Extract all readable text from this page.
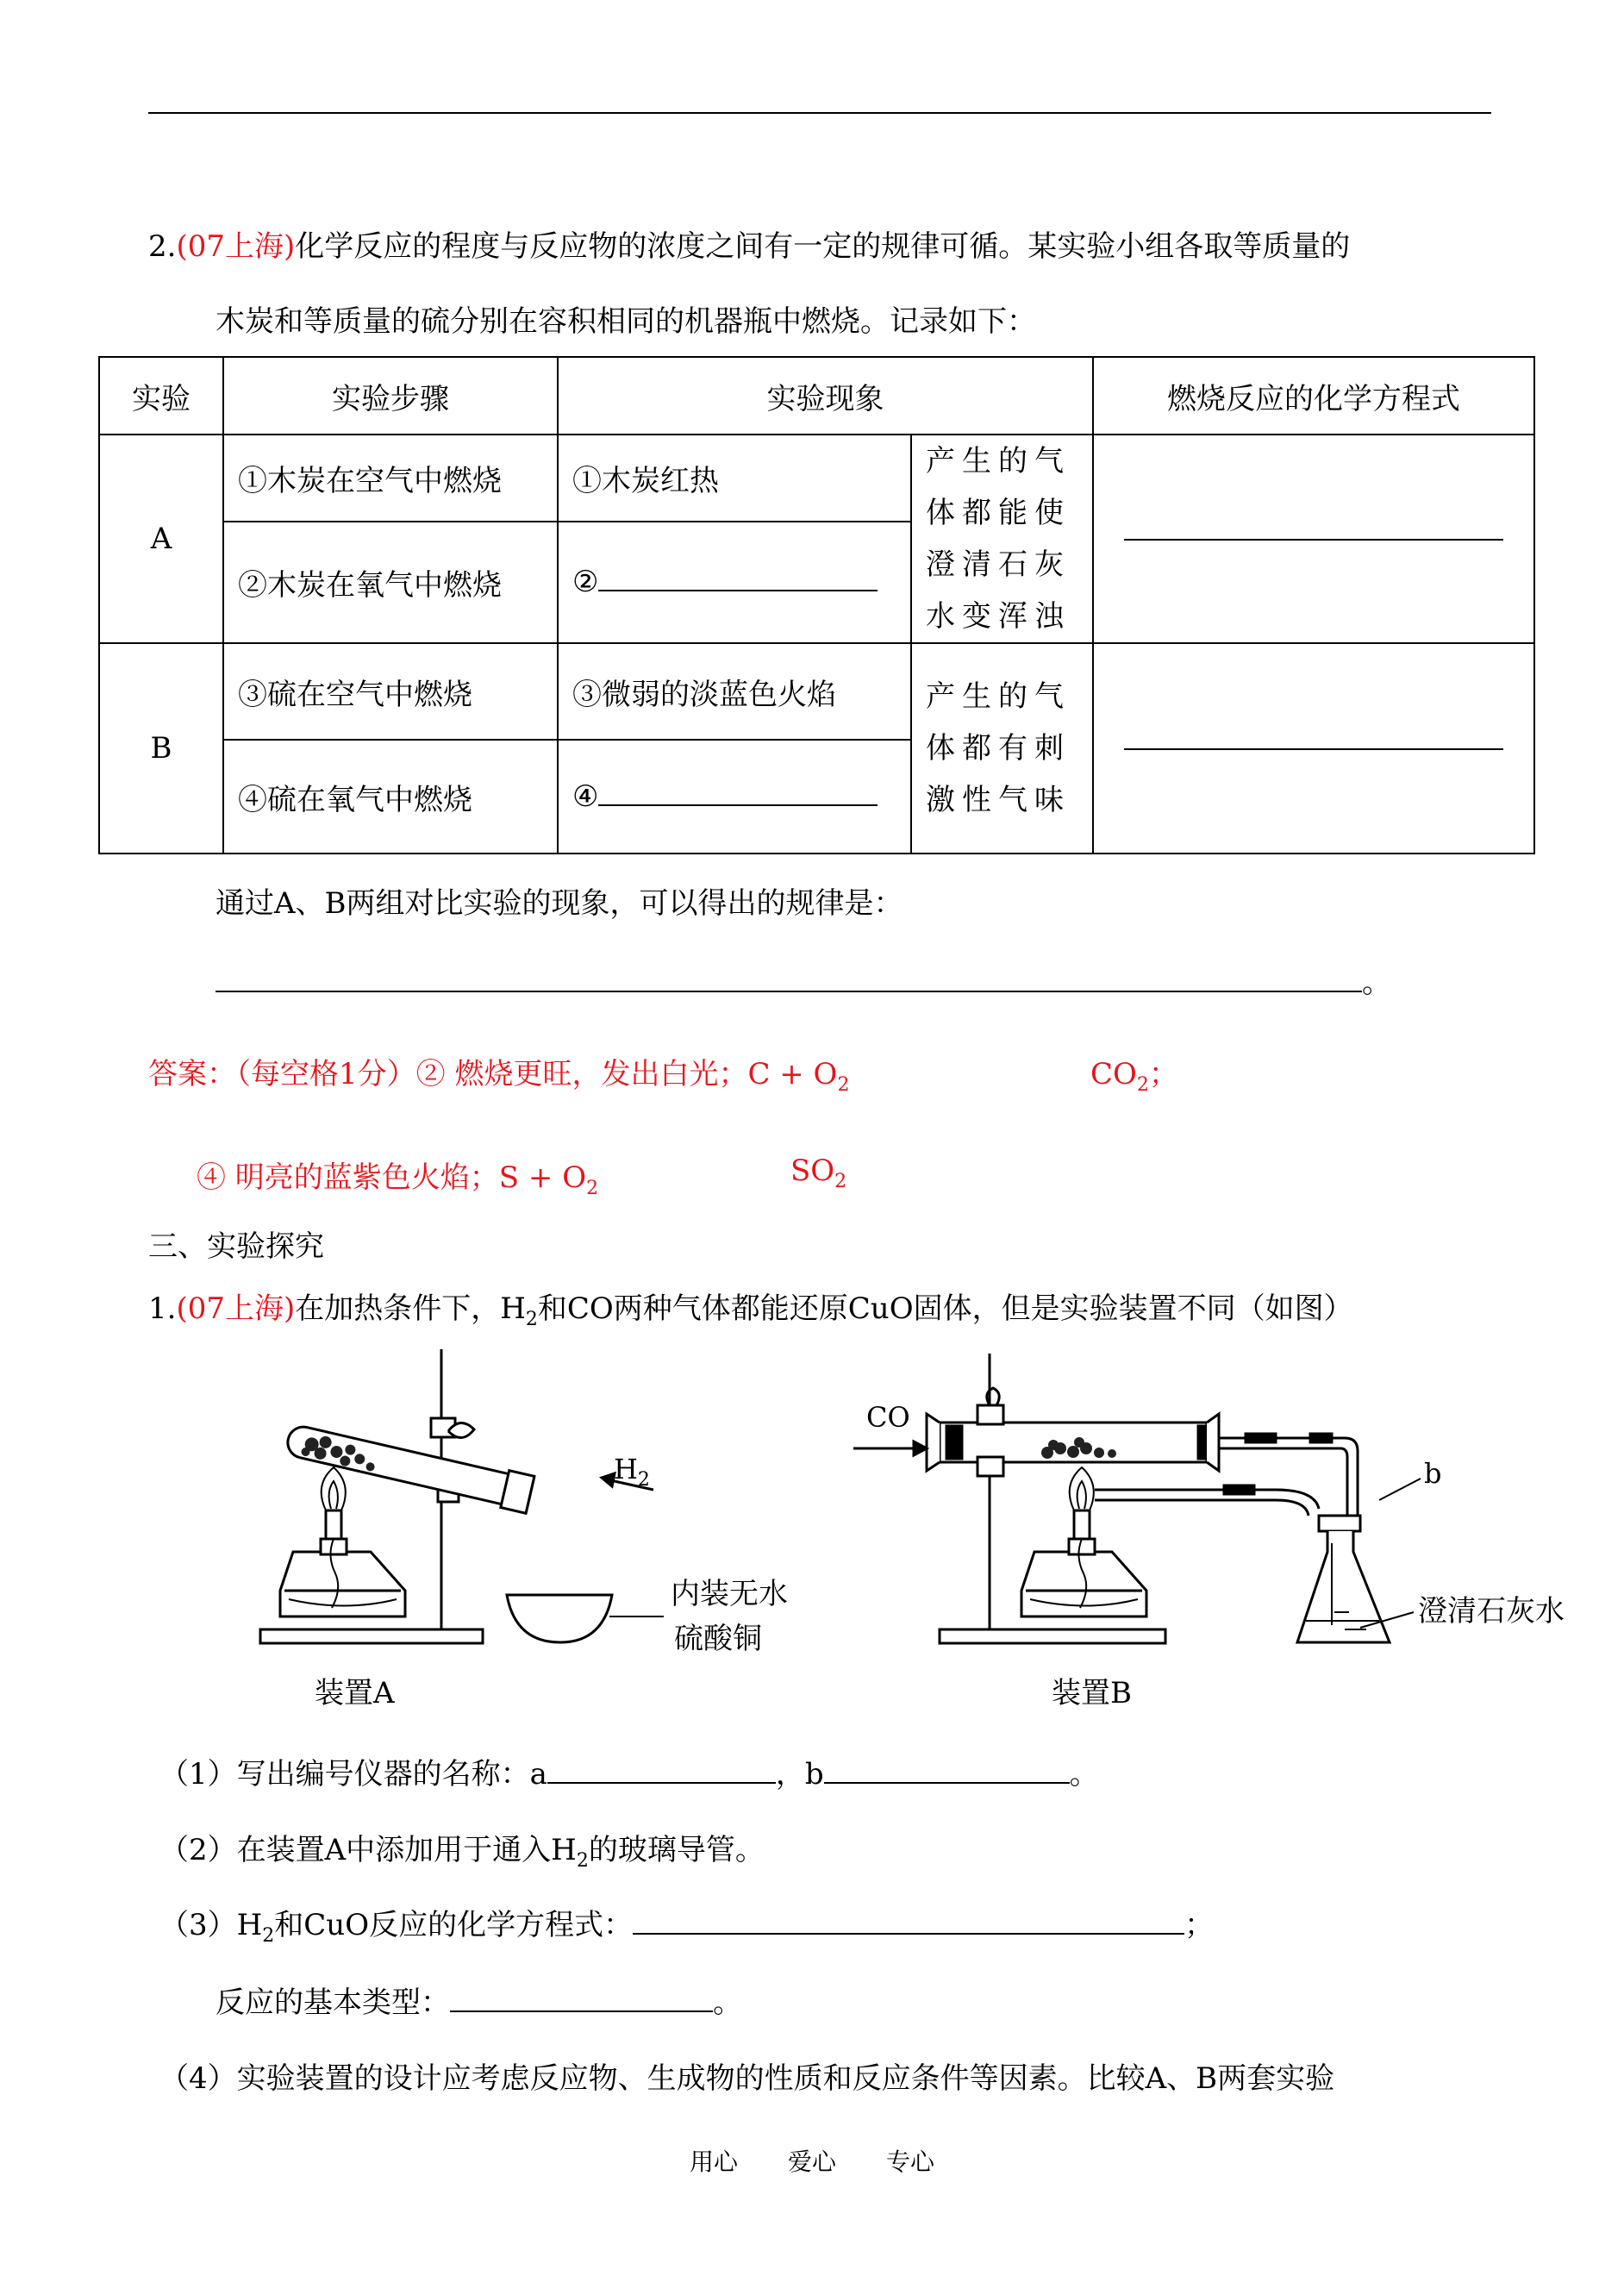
2.(07上海)化学反应的程度与反应物的浓度之间有一定的规律可循。某实验小组各取等质量的
木炭和等质量的硫分别在容积相同的机器瓶中燃烧。记录如下：
实验	实验步骤	实验现象		燃烧反应的化学方程式
A	①木炭在空气中燃烧	①木炭红热	产生的气体都能使澄清石灰水变浑浊	

	②木炭在氧气中燃烧	②		
B	③硫在空气中燃烧	③微弱的淡蓝色火焰	产生的气体都有刺激性气味	

	④硫在氧气中燃烧	④		
通过A、B两组对比实验的现象，可以得出的规律是：
。
答案：（每空格1分）② 燃烧更旺，发出白光；$C + O_2$	$CO_2$；
④ 明亮的蓝紫色火焰；$S + O_2$
$SO_2$
三、实验探究
1.(07上海)在加热条件下，$H_2$和CO两种气体都能还原CuO固体，但是实验装置不同（如图）
$H_2$
CO
内装无水
硫酸铜
b
澄清石灰水
装置A	装置B
（1）写出编号仪器的名称：a	，b	。
（2）在装置A中添加用于通入$H_2$的玻璃导管。
$(3)H_2$和CuO反应的化学方程式：	；
反应的基本类型：	。
（4）实验装置的设计应考虑反应物、生成物的性质和反应条件等因素。比较A、B两套实验
用心 爱心 专心
